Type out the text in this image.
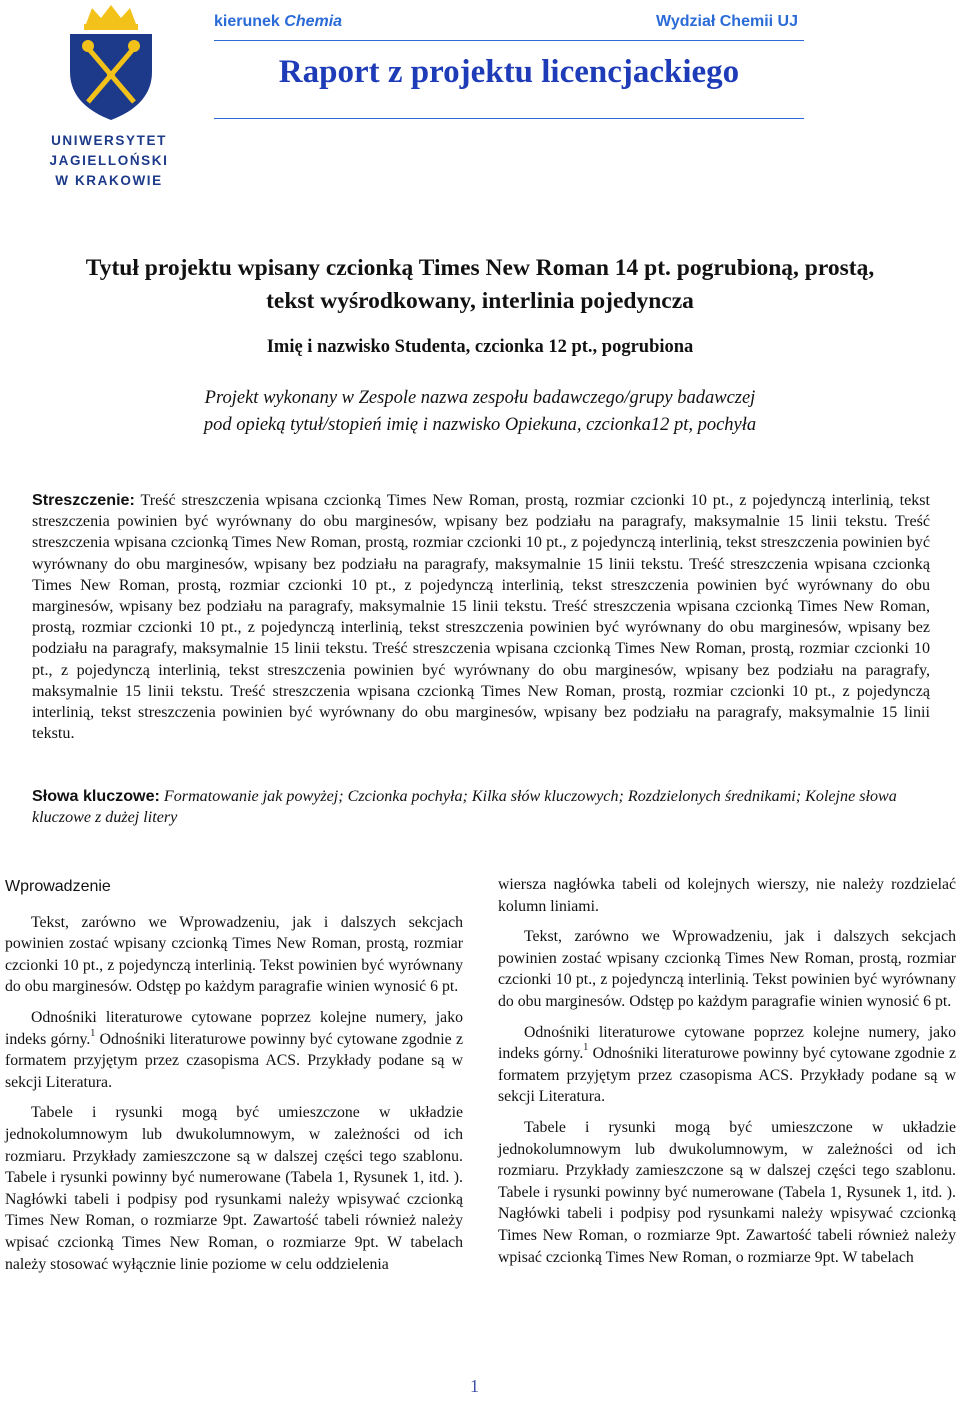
UNIWERSYTET
JAGIELLOŃSKI
W KRAKOWIE
kierunek Chemia	Wydział Chemii UJ
Raport z projektu licencjackiego
Tytuł projektu wpisany czcionką Times New Roman 14 pt. pogrubioną, prostą,
tekst wyśrodkowany, interlinia pojedyncza
Imię i nazwisko Studenta, czcionka 12 pt., pogrubiona
Projekt wykonany w Zespole nazwa zespołu badawczego/grupy badawczej
pod opieką tytuł/stopień imię i nazwisko Opiekuna, czcionka12 pt, pochyła
Streszczenie: Treść streszczenia wpisana czcionką Times New Roman, prostą, rozmiar czcionki 10 pt., z pojedynczą interlinią, tekst streszczenia powinien być wyrównany do obu marginesów, wpisany bez podziału na paragrafy, maksymalnie 15 linii tekstu. Treść streszczenia wpisana czcionką Times New Roman, prostą, rozmiar czcionki 10 pt., z pojedynczą interlinią, tekst streszczenia powinien być wyrównany do obu marginesów, wpisany bez podziału na paragrafy, maksymalnie 15 linii tekstu. Treść streszczenia wpisana czcionką Times New Roman, prostą, rozmiar czcionki 10 pt., z pojedynczą interlinią, tekst streszczenia powinien być wyrównany do obu marginesów, wpisany bez podziału na paragrafy, maksymalnie 15 linii tekstu. Treść streszczenia wpisana czcionką Times New Roman, prostą, rozmiar czcionki 10 pt., z pojedynczą interlinią, tekst streszczenia powinien być wyrównany do obu marginesów, wpisany bez podziału na paragrafy, maksymalnie 15 linii tekstu. Treść streszczenia wpisana czcionką Times New Roman, prostą, rozmiar czcionki 10 pt., z pojedynczą interlinią, tekst streszczenia powinien być wyrównany do obu marginesów, wpisany bez podziału na paragrafy, maksymalnie 15 linii tekstu. Treść streszczenia wpisana czcionką Times New Roman, prostą, rozmiar czcionki 10 pt., z pojedynczą interlinią, tekst streszczenia powinien być wyrównany do obu marginesów, wpisany bez podziału na paragrafy, maksymalnie 15 linii tekstu.
Słowa kluczowe: Formatowanie jak powyżej; Czcionka pochyła; Kilka słów kluczowych; Rozdzielonych średnikami; Kolejne słowa kluczowe z dużej litery
Wprowadzenie

Tekst, zarówno we Wprowadzeniu, jak i dalszych sekcjach powinien zostać wpisany czcionką Times New Roman, prostą, rozmiar czcionki 10 pt., z pojedynczą interlinią. Tekst powinien być wyrównany do obu marginesów. Odstęp po każdym paragrafie winien wynosić 6 pt.

Odnośniki literaturowe cytowane poprzez kolejne numery, jako indeks górny.$^1$ Odnośniki literaturowe powinny być cytowane zgodnie z formatem przyjętym przez czasopisma ACS. Przykłady podane są w sekcji Literatura.

Tabele i rysunki mogą być umieszczone w układzie jednokolumnowym lub dwukolumnowym, w zależności od ich rozmiaru. Przykłady zamieszczone są w dalszej części tego szablonu. Tabele i rysunki powinny być numerowane (Tabela 1, Rysunek 1, itd. ). Nagłówki tabeli i podpisy pod rysunkami należy wpisywać czcionką Times New Roman, o rozmiarze 9pt. Zawartość tabeli również należy wpisać czcionką Times New Roman, o rozmiarze 9pt. W tabelach należy stosować wyłącznie linie poziome w celu oddzielenia

wiersza nagłówka tabeli od kolejnych wierszy, nie należy rozdzielać kolumn liniami.

Tekst, zarówno we Wprowadzeniu, jak i dalszych sekcjach powinien zostać wpisany czcionką Times New Roman, prostą, rozmiar czcionki 10 pt., z pojedynczą interlinią. Tekst powinien być wyrównany do obu marginesów. Odstęp po każdym paragrafie winien wynosić 6 pt.

Odnośniki literaturowe cytowane poprzez kolejne numery, jako indeks górny.$^1$ Odnośniki literaturowe powinny być cytowane zgodnie z formatem przyjętym przez czasopisma ACS. Przykłady podane są w sekcji Literatura.

Tabele i rysunki mogą być umieszczone w układzie jednokolumnowym lub dwukolumnowym, w zależności od ich rozmiaru. Przykłady zamieszczone są w dalszej części tego szablonu. Tabele i rysunki powinny być numerowane (Tabela 1, Rysunek 1, itd. ). Nagłówki tabeli i podpisy pod rysunkami należy wpisywać czcionką Times New Roman, o rozmiarze 9pt. Zawartość tabeli również należy wpisać czcionką Times New Roman, o rozmiarze 9pt. W tabelach

1
